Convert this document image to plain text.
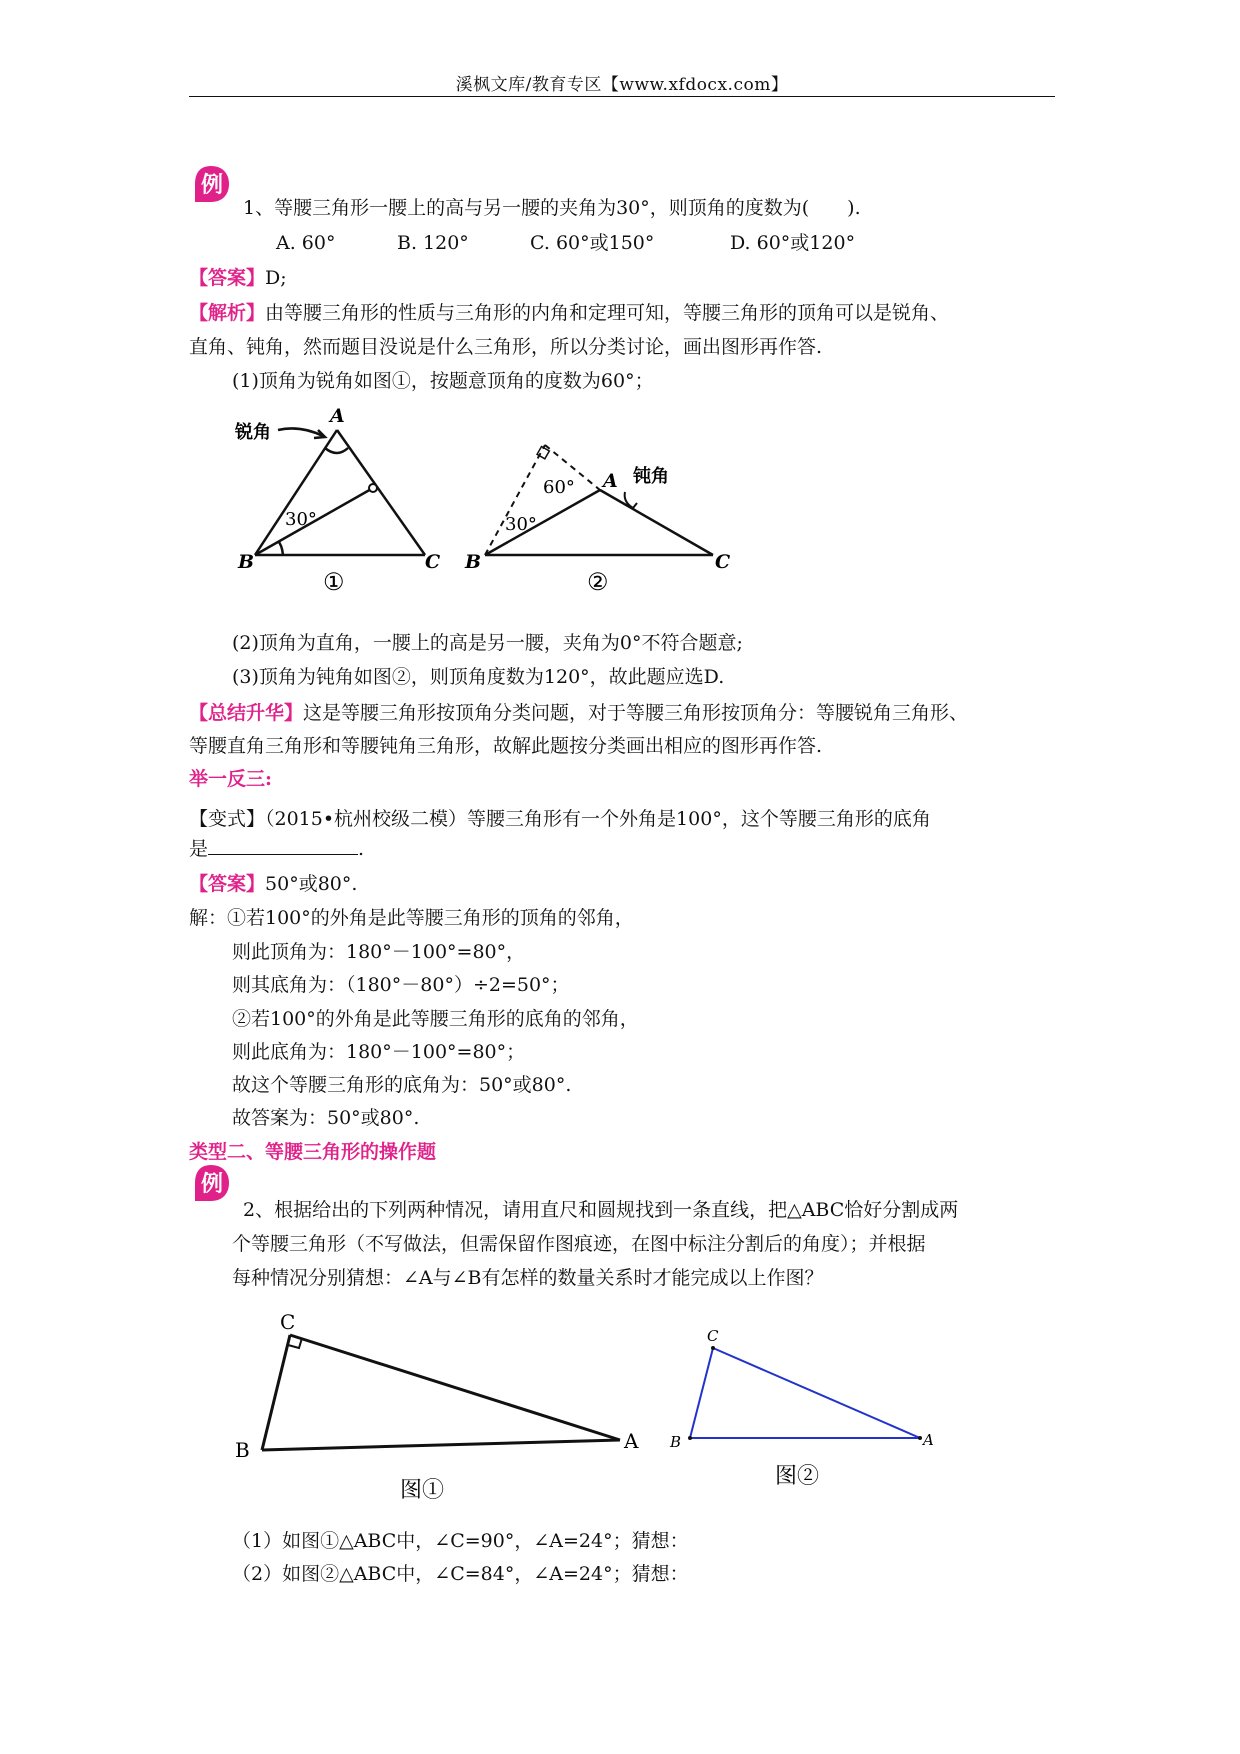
溪枫文库/教育专区【www.xfdocx.com】
例
1、等腰三角形一腰上的高与另一腰的夹角为30°，则顶角的度数为(　　).
A. 60°	B. 120°	C. 60°或150°	D. 60°或120°
【答案】D;
【解析】由等腰三角形的性质与三角形的内角和定理可知，等腰三角形的顶角可以是锐角、
直角、钝角，然而题目没说是什么三角形，所以分类讨论，画出图形再作答.
(1)顶角为锐角如图①，按题意顶角的度数为60°；
A
B	C
锐角
30°
①
A
B	C
钝角
60°
30°
②
(2)顶角为直角，一腰上的高是另一腰，夹角为0°不符合题意;
(3)顶角为钝角如图②，则顶角度数为120°，故此题应选D.
【总结升华】这是等腰三角形按顶角分类问题，对于等腰三角形按顶角分：等腰锐角三角形、
等腰直角三角形和等腰钝角三角形，故解此题按分类画出相应的图形再作答.
举一反三:
【变式】（2015•杭州校级二模）等腰三角形有一个外角是100°，这个等腰三角形的底角
是	.
【答案】50°或80°.
解：①若100°的外角是此等腰三角形的顶角的邻角，
则此顶角为：180°－100°=80°，
则其底角为：（180°－80°）÷2=50°；
②若100°的外角是此等腰三角形的底角的邻角，
则此底角为：180°－100°=80°；
故这个等腰三角形的底角为：50°或80°.
故答案为：50°或80°.
类型二、等腰三角形的操作题
例
2、根据给出的下列两种情况，请用直尺和圆规找到一条直线，把△ABC恰好分割成两
个等腰三角形（不写做法，但需保留作图痕迹，在图中标注分割后的角度）；并根据
每种情况分别猜想：∠A与∠B有怎样的数量关系时才能完成以上作图？
C
B	A
图①
C
B	A
图②
（1）如图①△ABC中，∠C=90°，∠A=24°；猜想：
（2）如图②△ABC中，∠C=84°，∠A=24°；猜想：
